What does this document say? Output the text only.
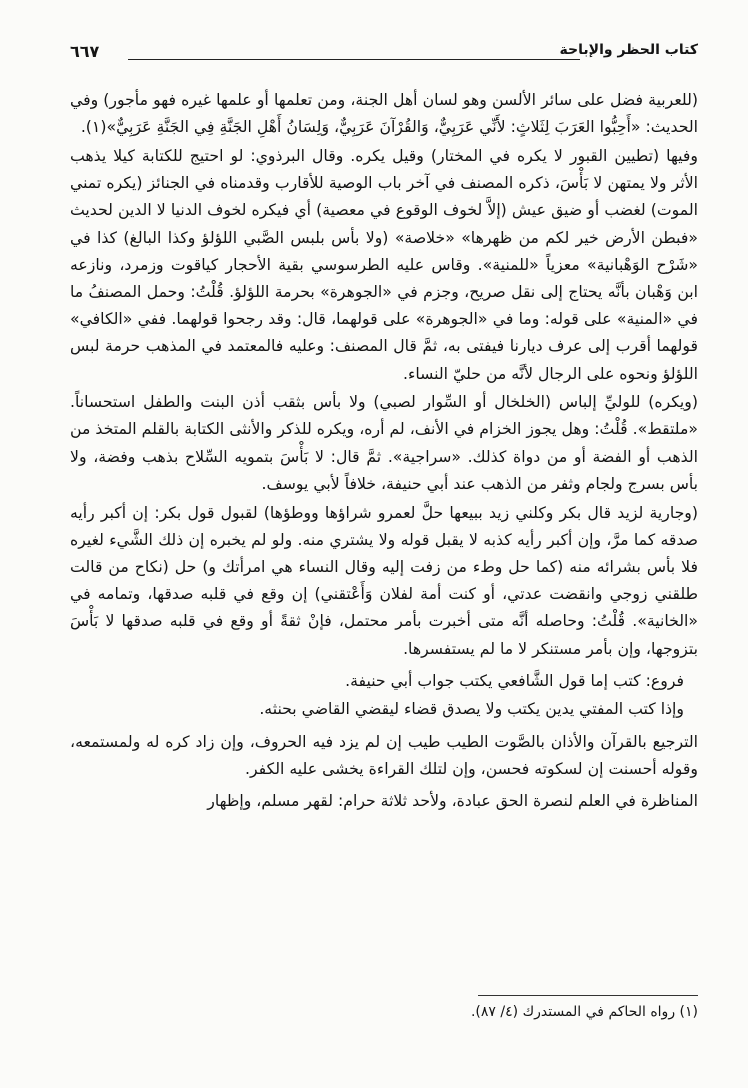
كتاب الحظر والإباحة
٦٦٧

(للعربية فضل على سائر الألسن وهو لسان أهل الجنة، ومن تعلمها أو علمها غيره فهو مأجور) وفي الحديث: «أَحِبُّوا العَرَبَ لِثَلاثٍ: لأَنِّي عَرَبِيٌّ، وَالقُرْآنَ عَرَبِيٌّ، وَلِسَانُ أَهْلِ الجَنَّةِ فِي الجَنَّةِ عَرَبِيٌّ»(١).

وفيها (تطيين القبور لا يكره في المختار) وقيل يكره. وقال البرذوي: لو احتيج للكتابة كيلا يذهب الأثر ولا يمتهن لا بَأْسَ، ذكره المصنف في آخر باب الوصية للأقارب وقدمناه في الجنائز (يكره تمني الموت) لغضب أو ضيق عيش (إلاَّ لخوف الوقوع في معصية) أي فيكره لخوف الدنيا لا الدين لحديث «فبطن الأرض خير لكم من ظهرها» «خلاصة» (ولا بأس بلبس الصَّبي اللؤلؤ وكذا البالغ) كذا في «شَرْح الوَهْبانية» معزياً «للمنية». وقاس عليه الطرسوسي بقية الأحجار كياقوت وزمرد، ونازعه ابن وَهْبان بأنَّه يحتاج إلى نقل صريح، وجزم في «الجوهرة» بحرمة اللؤلؤ. قُلْتُ: وحمل المصنفُ ما في «المنية» على قوله: وما في «الجوهرة» على قولهما، قال: وقد رجحوا قولهما. ففي «الكافي» قولهما أقرب إلى عرف ديارنا فيفتى به، ثمَّ قال المصنف: وعليه فالمعتمد في المذهب حرمة لبس اللؤلؤ ونحوه على الرجال لأنَّه من حليّ النساء.

(ويكره) للوليِّ إلباس (الخلخال أو السِّوار لصبي) ولا بأس بثقب أذن البنت والطفل استحساناً. «ملتقط». قُلْتُ: وهل يجوز الخزام في الأنف، لم أره، ويكره للذكر والأنثى الكتابة بالقلم المتخذ من الذهب أو الفضة أو من دواة كذلك. «سراجية». ثمَّ قال: لا بَأْسَ بتمويه السِّلاح بذهب وفضة، ولا بأس بسرج ولجام وثفر من الذهب عند أبي حنيفة، خلافاً لأبي يوسف.

(وجارية لزيد قال بكر وكلني زيد ببيعها حلَّ لعمرو شراؤها ووطؤها) لقبول قول بكر: إن أكبر رأيه صدقه كما مرَّ، وإن أكبر رأيه كذبه لا يقبل قوله ولا يشتري منه. ولو لم يخبره إن ذلك الشَّيء لغيره فلا بأس بشرائه منه (كما حل وطء من زفت إليه وقال النساء هي امرأتك و) حل (نكاح من قالت طلقني زوجي وانقضت عدتي، أو كنت أمة لفلان وَأَعْتقني) إن وقع في قلبه صدقها، وتمامه في «الخانية». قُلْتُ: وحاصله أنَّه متى أخبرت بأمر محتمل، فإنْ ثقةً أو وقع في قلبه صدقها لا بَأْسَ بتزوجها، وإن بأمر مستنكر لا ما لم يستفسرها.

فروع: كتب إما قول الشَّافعي يكتب جواب أبي حنيفة.

وإذا كتب المفتي يدين يكتب ولا يصدق قضاء ليقضي القاضي بحنثه.

الترجيع بالقرآن والأذان بالصَّوت الطيب طيب إن لم يزد فيه الحروف، وإن زاد كره له ولمستمعه، وقوله أحسنت إن لسكوته فحسن، وإن لتلك القراءة يخشى عليه الكفر.

المناظرة في العلم لنصرة الحق عبادة، ولأحد ثلاثة حرام: لقهر مسلم، وإظهار

(١) رواه الحاكم في المستدرك (٤/ ٨٧).
